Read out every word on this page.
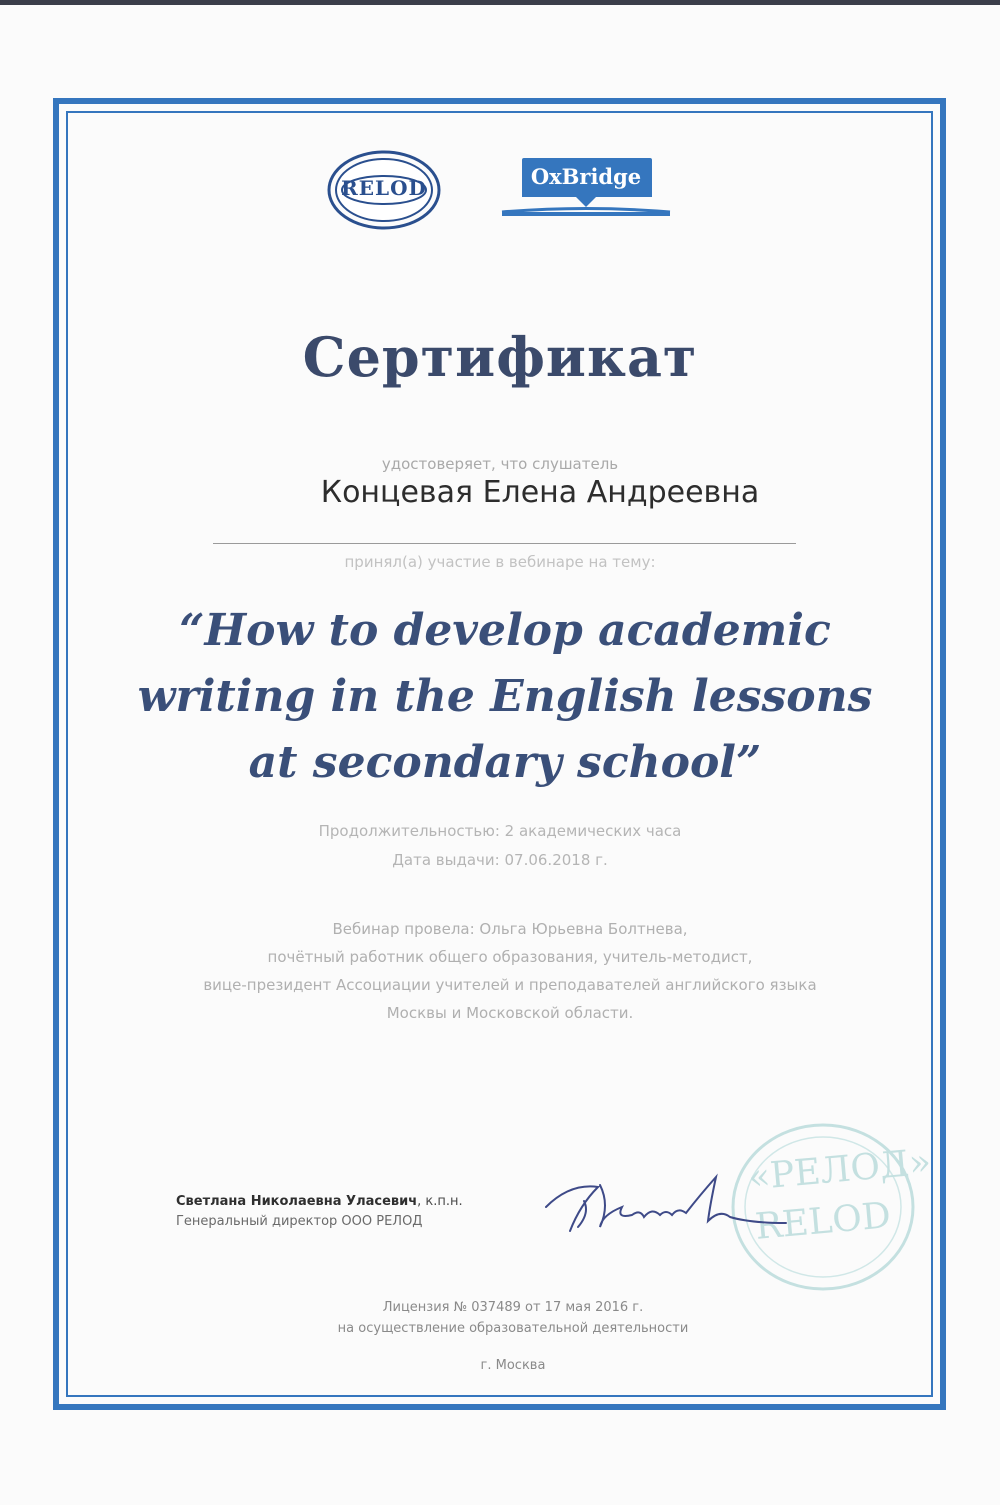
RELOD	OxBridge
Сертификат
удостоверяет, что слушатель
Концевая Елена Андреевна
принял(а) участие в вебинаре на тему:
“How to develop academic
writing in the English lessons
at secondary school”
Продолжительностью: 2 академических часа
Дата выдачи: 07.06.2018 г.
Вебинар провела: Ольга Юрьевна Болтнева,
почётный работник общего образования, учитель-методист,
вице-президент Ассоциации учителей и преподавателей английского языка
Москвы и Московской области.
Светлана Николаевна Уласевич, к.п.н.
Генеральный директор ООО РЕЛОД
«РЕЛОД»
RELOD
Лицензия № 037489 от 17 мая 2016 г.
на осуществление образовательной деятельности
г. Москва
